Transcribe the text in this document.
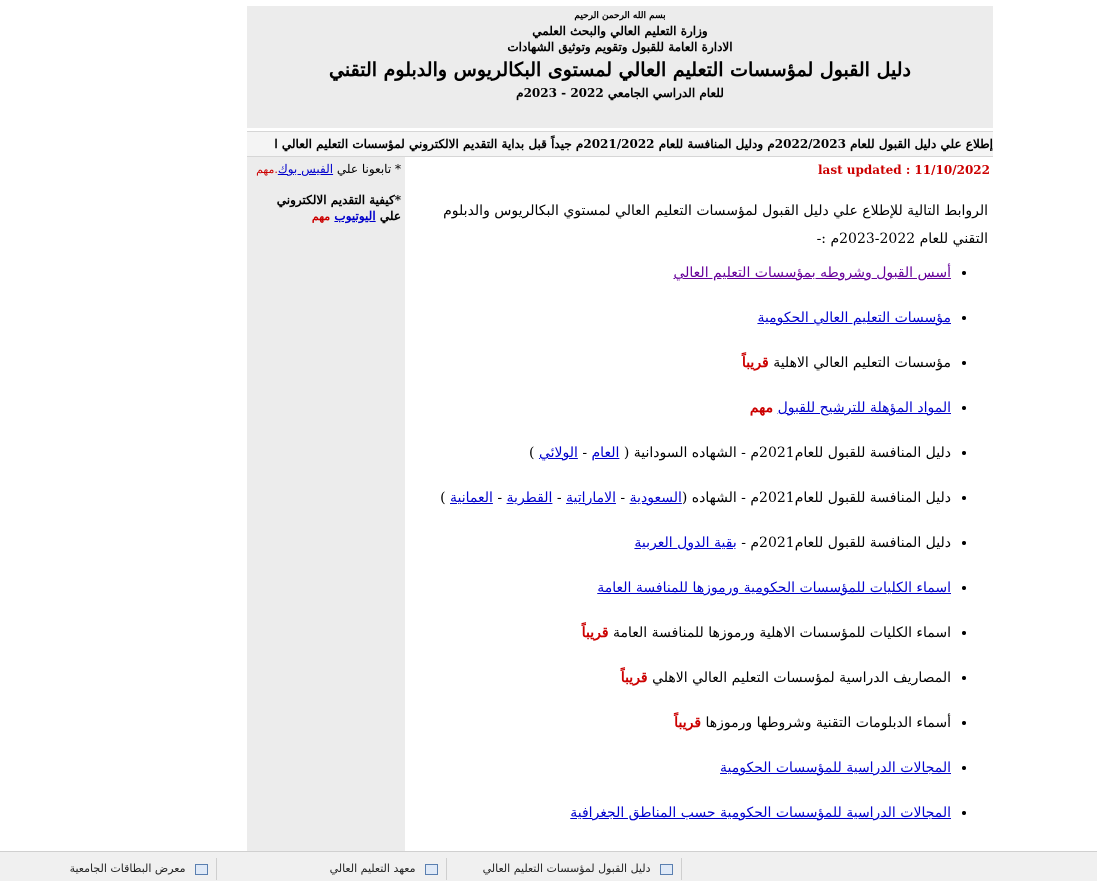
بسم الله الرحمن الرحيم
وزارة التعليم العالي والبحث العلمي
الادارة العامة للقبول وتقويم وتوثيق الشهادات
دليل القبول لمؤسسات التعليم العالي لمستوى البكالريوس والدبلوم التقني
للعام الدراسي الجامعي 2022 - 2023م
إطلاع علي دليل القبول للعام 2022/2023م ودليل المنافسة للعام 2021/2022م جيداً قبل بداية التقديم الالكتروني لمؤسسات التعليم العالي ا
last updated : 11/10/2022
الروابط التالية للإطلاع علي دليل القبول لمؤسسات التعليم العالي لمستوي البكالريوس والدبلوم التقني للعام 2022-2023م :-
• أسس القبول وشروطه بمؤسسات التعليم العالي
• مؤسسات التعليم العالي الحكومية
• مؤسسات التعليم العالي الاهلية قريباً
• المواد المؤهلة للترشيح للقبول مهم
• دليل المنافسة للقبول للعام2021م - الشهاده السودانية ( العام - الولائي )
• دليل المنافسة للقبول للعام2021م - الشهاده (السعودية - الاماراتية - القطرية - العمانية )
• دليل المنافسة للقبول للعام2021م - بقية الدول العربية
• اسماء الكليات للمؤسسات الحكومية ورموزها للمنافسة العامة
• اسماء الكليات للمؤسسات الاهلية ورموزها للمنافسة العامة قريباً
• المصاريف الدراسية لمؤسسات التعليم العالي الاهلي قريباً
• أسماء الدبلومات التقنية وشروطها ورموزها قريباً
• المجالات الدراسية للمؤسسات الحكومية
• المجالات الدراسية للمؤسسات الحكومية حسب المناطق الجغرافية
* تابعونا علي الفيس بوك.مهم
*كيفية التقديم الالكتروني
علي اليوتيوب مهم
دليل القبول لمؤسسات التعليم العالي
معهد التعليم العالي
معرض البطاقات الجامعية
